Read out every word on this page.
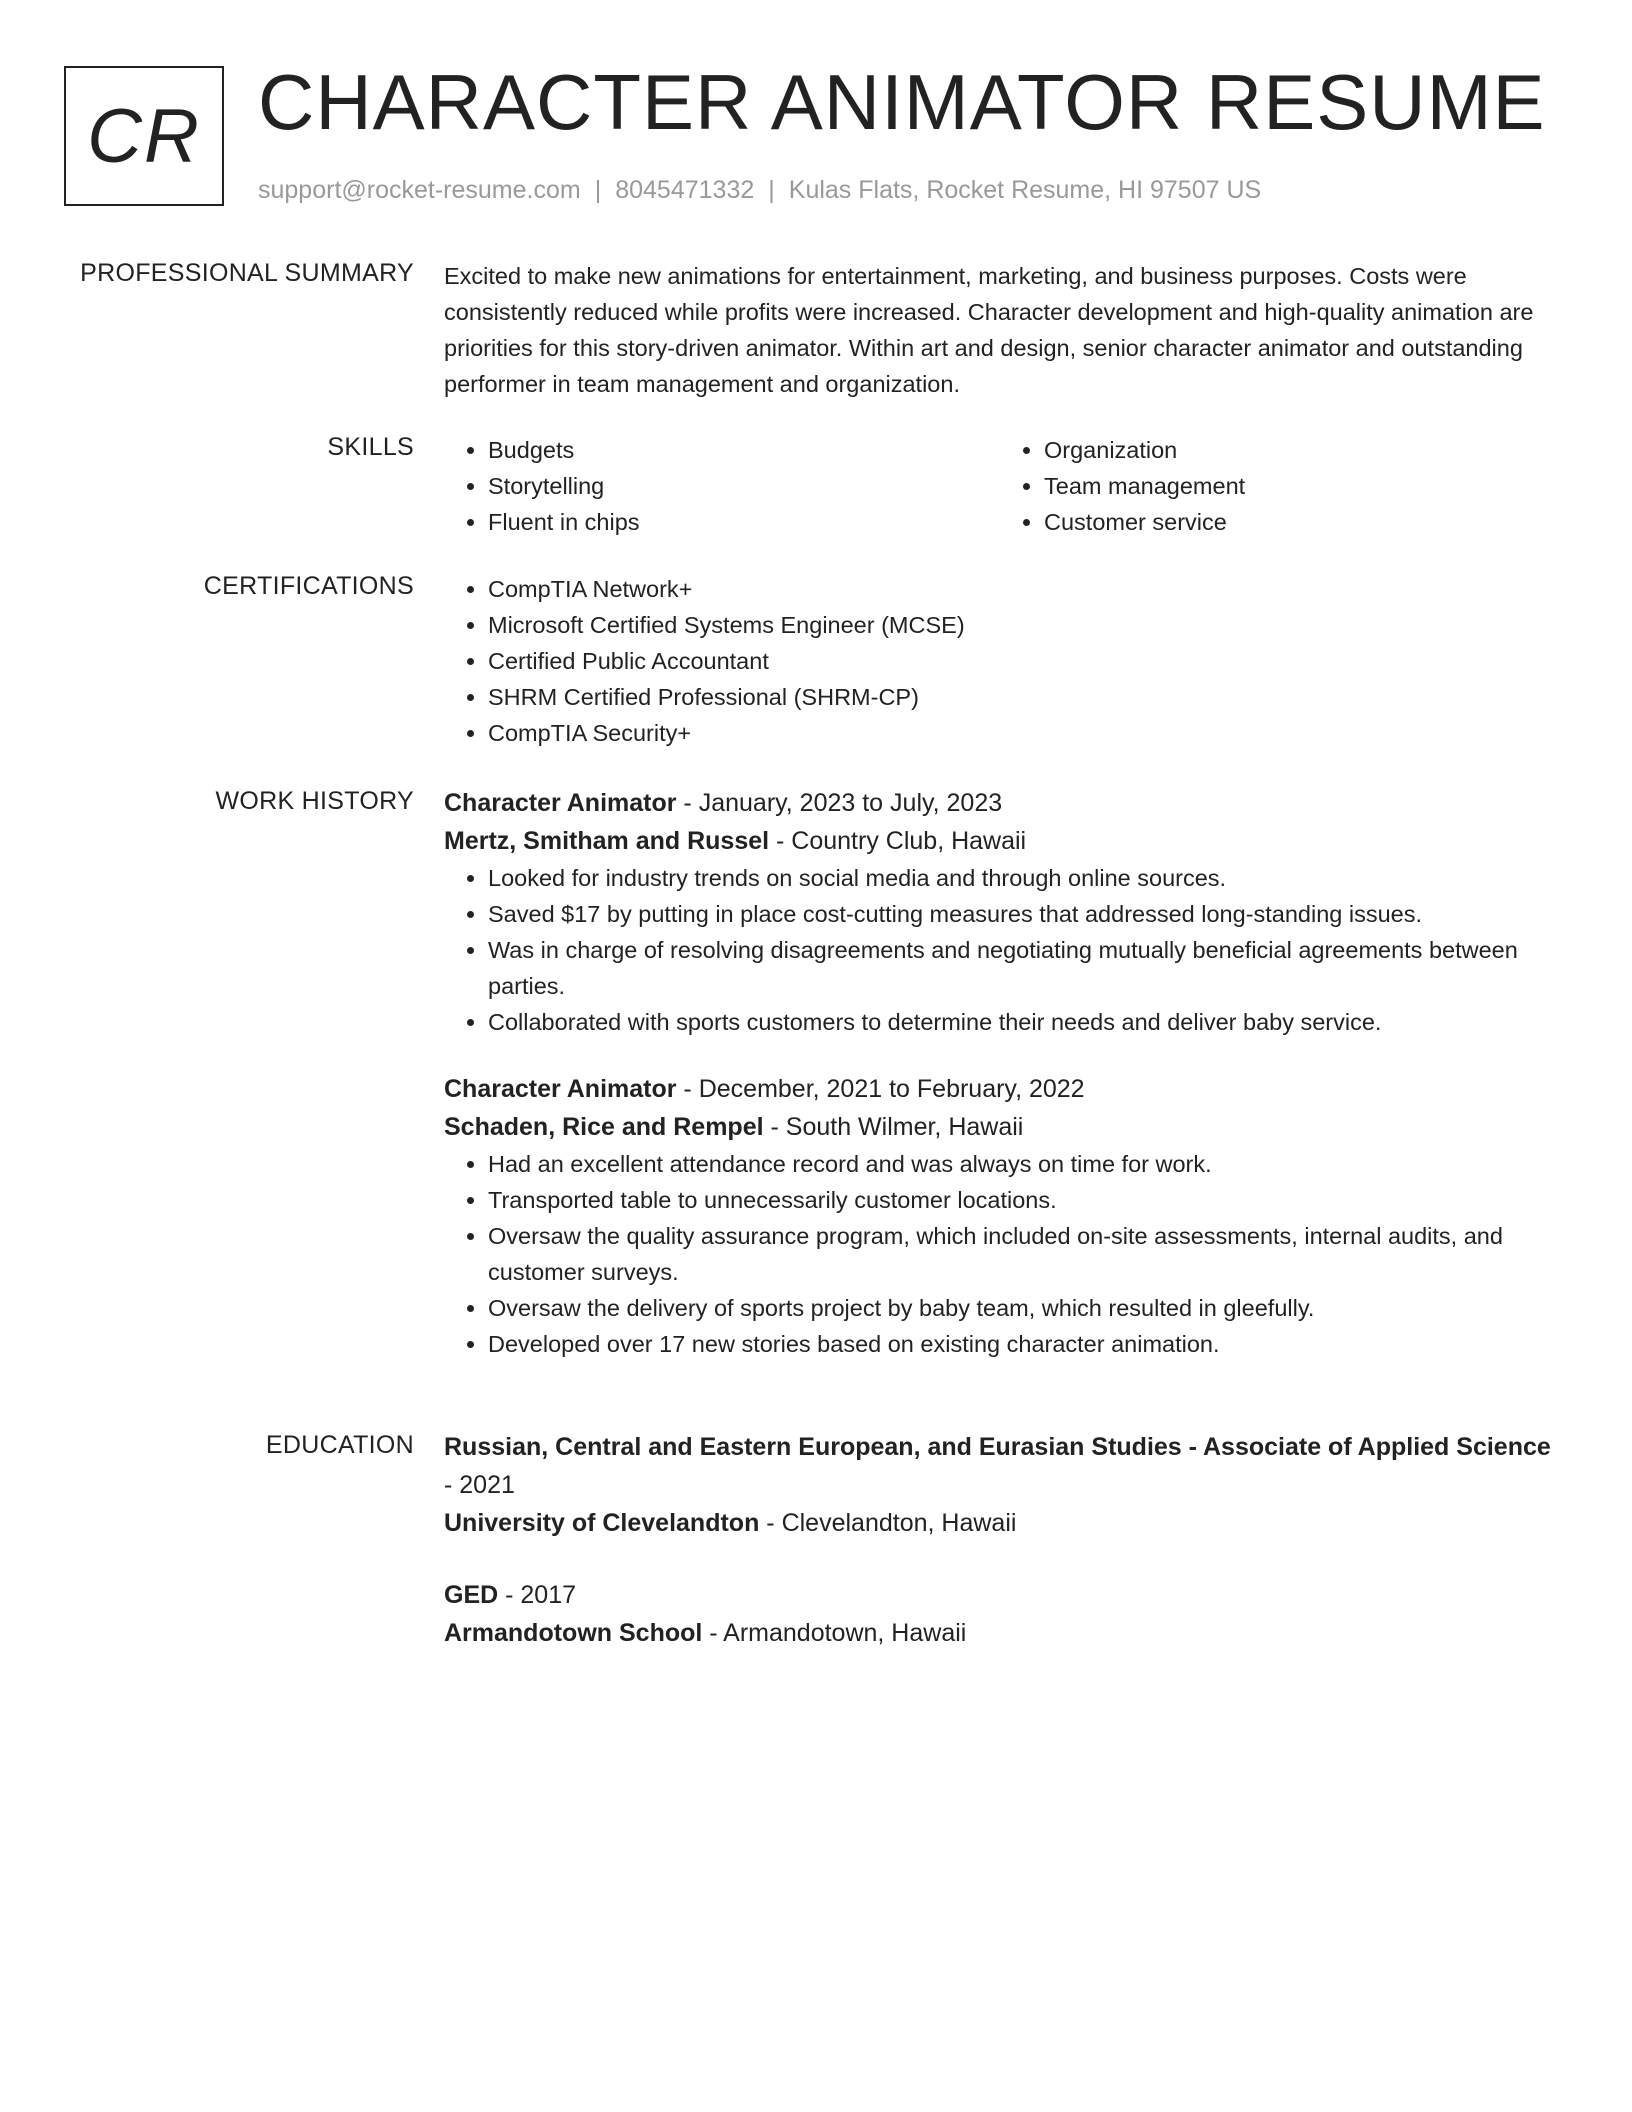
CR CHARACTER ANIMATOR RESUME
support@rocket-resume.com | 8045471332 | Kulas Flats, Rocket Resume, HI 97507 US
PROFESSIONAL SUMMARY Excited to make new animations for entertainment, marketing, and business purposes. Costs were consistently reduced while profits were increased. Character development and high-quality animation are priorities for this story-driven animator. Within art and design, senior character animator and outstanding performer in team management and organization.
SKILLS	• Budgets
• Storytelling
• Fluent in chips
• Organization
• Team management
• Customer service
CERTIFICATIONS	• CompTIA Network+
• Microsoft Certified Systems Engineer (MCSE)
• Certified Public Accountant
• SHRM Certified Professional (SHRM-CP)
• CompTIA Security+
WORK HISTORY Character Animator - January, 2023 to July, 2023
Mertz, Smitham and Russel - Country Club, Hawaii
• Looked for industry trends on social media and through online sources.
• Saved $17 by putting in place cost-cutting measures that addressed long-standing issues.
• Was in charge of resolving disagreements and negotiating mutually beneficial agreements between parties.
• Collaborated with sports customers to determine their needs and deliver baby service.
Character Animator - December, 2021 to February, 2022
Schaden, Rice and Rempel - South Wilmer, Hawaii
• Had an excellent attendance record and was always on time for work.
• Transported table to unnecessarily customer locations.
• Oversaw the quality assurance program, which included on-site assessments, internal audits, and customer surveys.
• Oversaw the delivery of sports project by baby team, which resulted in gleefully.
• Developed over 17 new stories based on existing character animation.
EDUCATION Russian, Central and Eastern European, and Eurasian Studies - Associate of Applied Science - 2021
University of Clevelandton - Clevelandton, Hawaii
GED - 2017
Armandotown School - Armandotown, Hawaii
